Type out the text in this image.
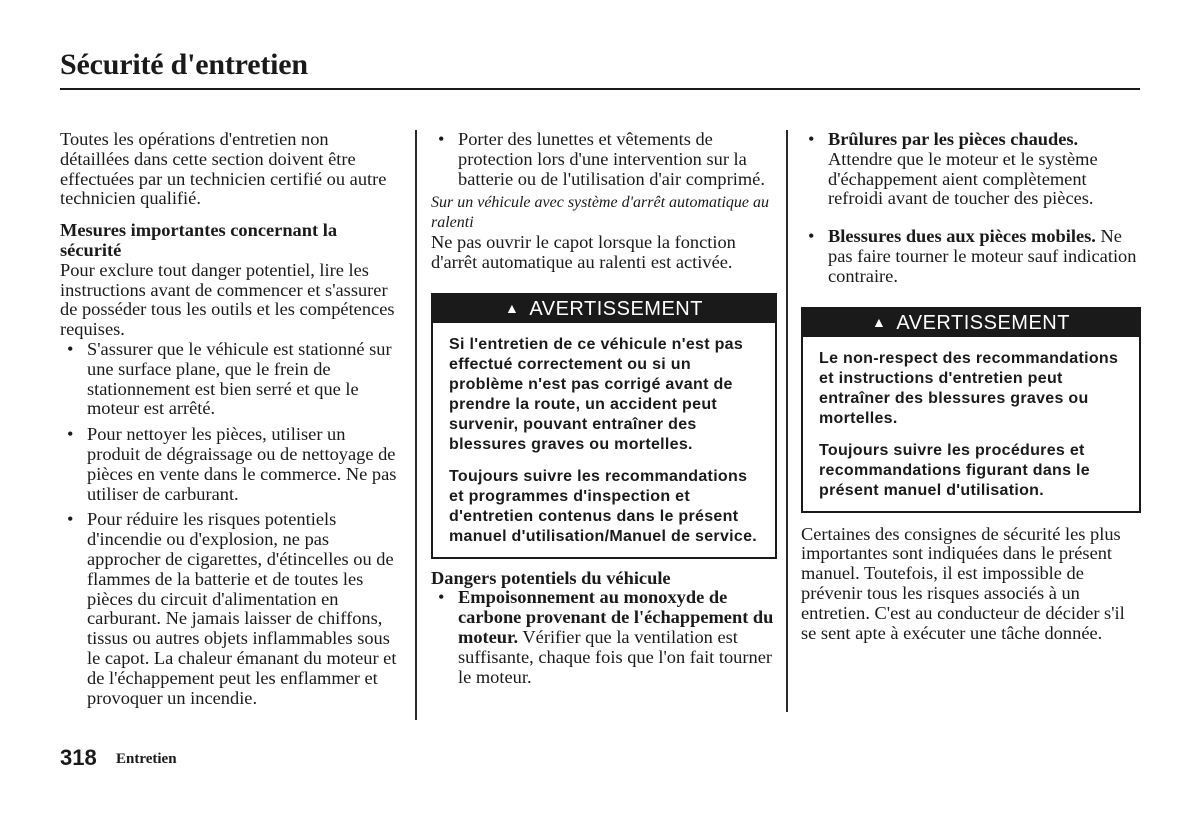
Sécurité d'entretien

Toutes les opérations d'entretien non détaillées dans cette section doivent être effectuées par un technicien certifié ou autre technicien qualifié.

Mesures importantes concernant la sécurité

Pour exclure tout danger potentiel, lire les instructions avant de commencer et s'assurer de posséder tous les outils et les compétences requises.

• S'assurer que le véhicule est stationné sur une surface plane, que le frein de stationnement est bien serré et que le moteur est arrêté.
• Pour nettoyer les pièces, utiliser un produit de dégraissage ou de nettoyage de pièces en vente dans le commerce. Ne pas utiliser de carburant.
• Pour réduire les risques potentiels d'incendie ou d'explosion, ne pas approcher de cigarettes, d'étincelles ou de flammes de la batterie et de toutes les pièces du circuit d'alimentation en carburant. Ne jamais laisser de chiffons, tissus ou autres objets inflammables sous le capot. La chaleur émanant du moteur et de l'échappement peut les enflammer et provoquer un incendie.
• Porter des lunettes et vêtements de protection lors d'une intervention sur la batterie ou de l'utilisation d'air comprimé.

Sur un véhicule avec système d'arrêt automatique au ralenti

Ne pas ouvrir le capot lorsque la fonction d'arrêt automatique au ralenti est activée.

▲ AVERTISSEMENT
Si l'entretien de ce véhicule n'est pas effectué correctement ou si un problème n'est pas corrigé avant de prendre la route, un accident peut survenir, pouvant entraîner des blessures graves ou mortelles.
Toujours suivre les recommandations et programmes d'inspection et d'entretien contenus dans le présent manuel d'utilisation/Manuel de service.

Dangers potentiels du véhicule

• Empoisonnement au monoxyde de carbone provenant de l'échappement du moteur. Vérifier que la ventilation est suffisante, chaque fois que l'on fait tourner le moteur.
• Brûlures par les pièces chaudes. Attendre que le moteur et le système d'échappement aient complètement refroidi avant de toucher des pièces.
• Blessures dues aux pièces mobiles. Ne pas faire tourner le moteur sauf indication contraire.
▲ AVERTISSEMENT
Le non-respect des recommandations et instructions d'entretien peut entraîner des blessures graves ou mortelles.
Toujours suivre les procédures et recommandations figurant dans le présent manuel d'utilisation.

Certaines des consignes de sécurité les plus importantes sont indiquées dans le présent manuel. Toutefois, il est impossible de prévenir tous les risques associés à un entretien. C'est au conducteur de décider s'il se sent apte à exécuter une tâche donnée.

318 Entretien
